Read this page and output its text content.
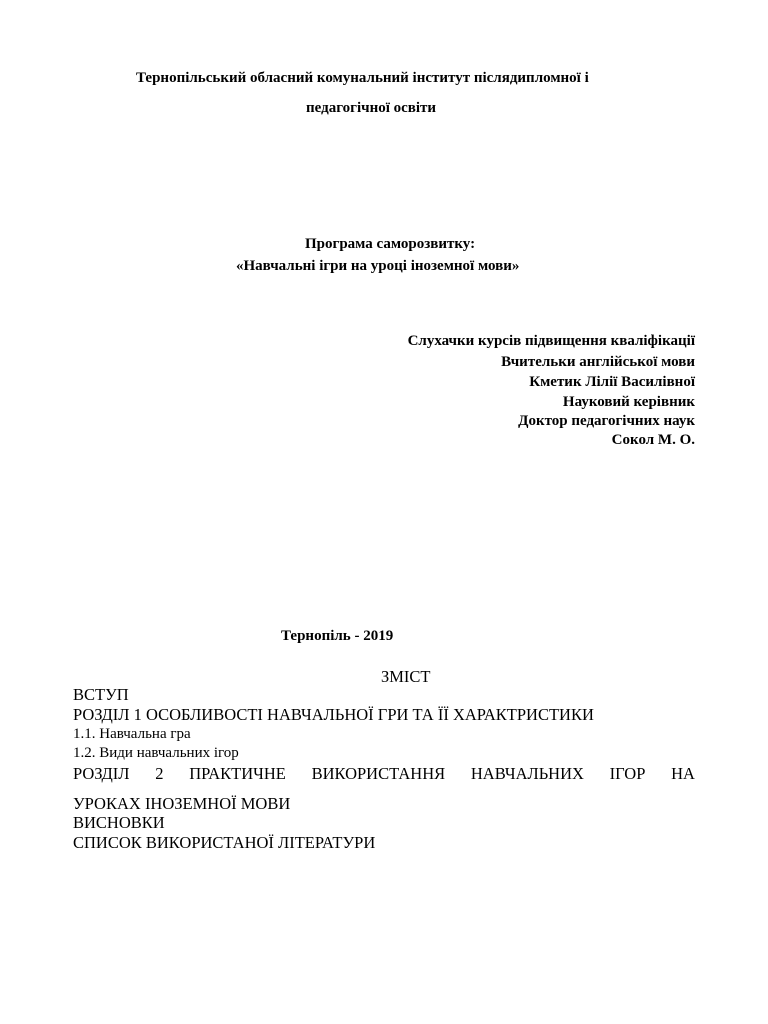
Тернопільський обласний комунальний інститут післядипломної і
педагогічної освіти
Програма саморозвитку:
«Навчальні ігри на уроці іноземної мови»
Слухачки курсів підвищення кваліфікації
Вчительки англійської мови
Кметик Лілії Василівної
Науковий керівник
Доктор педагогічних наук
Сокол М. О.
Тернопіль - 2019
ЗМІСТ
ВСТУП
РОЗДІЛ 1 ОСОБЛИВОСТІ НАВЧАЛЬНОЇ ГРИ ТА ЇЇ ХАРАКТРИСТИКИ
1.1. Навчальна гра
1.2. Види навчальних ігор
РОЗДІЛ 2 ПРАКТИЧНЕ ВИКОРИСТАННЯ НАВЧАЛЬНИХ ІГОР НА
УРОКАХ ІНОЗЕМНОЇ МОВИ
ВИСНОВКИ
СПИСОК ВИКОРИСТАНОЇ ЛІТЕРАТУРИ
